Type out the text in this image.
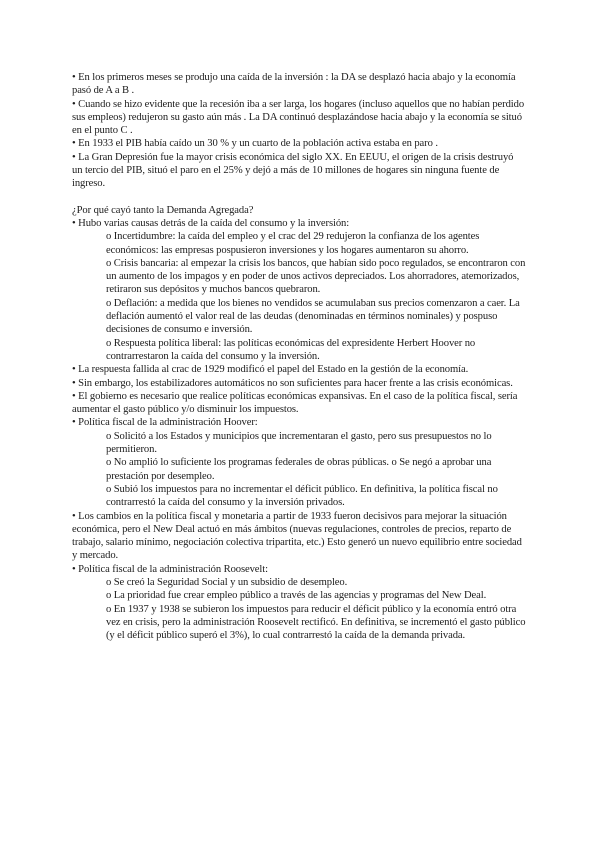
• En los primeros meses se produjo una caída de la inversión : la DA se desplazó hacia abajo y la economía pasó de A a B .

• Cuando se hizo evidente que la recesión iba a ser larga, los hogares (incluso aquellos que no habían perdido sus empleos) redujeron su gasto aún más . La DA continuó desplazándose hacia abajo y la economía se situó en el punto C .

• En 1933 el PIB había caído un 30 % y un cuarto de la población activa estaba en paro .

• La Gran Depresión fue la mayor crisis económica del siglo XX. En EEUU, el origen de la crisis destruyó un tercio del PIB, situó el paro en el 25% y dejó a más de 10 millones de hogares sin ninguna fuente de ingreso.

¿Por qué cayó tanto la Demanda Agregada?

• Hubo varias causas detrás de la caída del consumo y la inversión:

o Incertidumbre: la caída del empleo y el crac del 29 redujeron la confianza de los agentes económicos: las empresas pospusieron inversiones y los hogares aumentaron su ahorro.

o Crisis bancaria: al empezar la crisis los bancos, que habían sido poco regulados, se encontraron con un aumento de los impagos y en poder de unos activos depreciados. Los ahorradores, atemorizados, retiraron sus depósitos y muchos bancos quebraron.

o Deflación: a medida que los bienes no vendidos se acumulaban sus precios comenzaron a caer. La deflación aumentó el valor real de las deudas (denominadas en términos nominales) y pospuso decisiones de consumo e inversión.

o Respuesta política liberal: las políticas económicas del expresidente Herbert Hoover no contrarrestaron la caída del consumo y la inversión.

• La respuesta fallida al crac de 1929 modificó el papel del Estado en la gestión de la economía.

• Sin embargo, los estabilizadores automáticos no son suficientes para hacer frente a las crisis económicas.

• El gobierno es necesario que realice políticas económicas expansivas. En el caso de la política fiscal, sería aumentar el gasto público y/o disminuir los impuestos.

• Política fiscal de la administración Hoover:

o Solicitó a los Estados y municipios que incrementaran el gasto, pero sus presupuestos no lo permitieron.

o No amplió lo suficiente los programas federales de obras públicas. o Se negó a aprobar una prestación por desempleo.

o Subió los impuestos para no incrementar el déficit público. En definitiva, la política fiscal no contrarrestó la caída del consumo y la inversión privados.

• Los cambios en la política fiscal y monetaria a partir de 1933 fueron decisivos para mejorar la situación económica, pero el New Deal actuó en más ámbitos (nuevas regulaciones, controles de precios, reparto de trabajo, salario mínimo, negociación colectiva tripartita, etc.) Esto generó un nuevo equilibrio entre sociedad y mercado.

• Política fiscal de la administración Roosevelt:

o Se creó la Seguridad Social y un subsidio de desempleo.

o La prioridad fue crear empleo público a través de las agencias y programas del New Deal.

o En 1937 y 1938 se subieron los impuestos para reducir el déficit público y la economía entró otra vez en crisis, pero la administración Roosevelt rectificó. En definitiva, se incrementó el gasto público (y el déficit público superó el 3%), lo cual contrarrestó la caída de la demanda privada.
